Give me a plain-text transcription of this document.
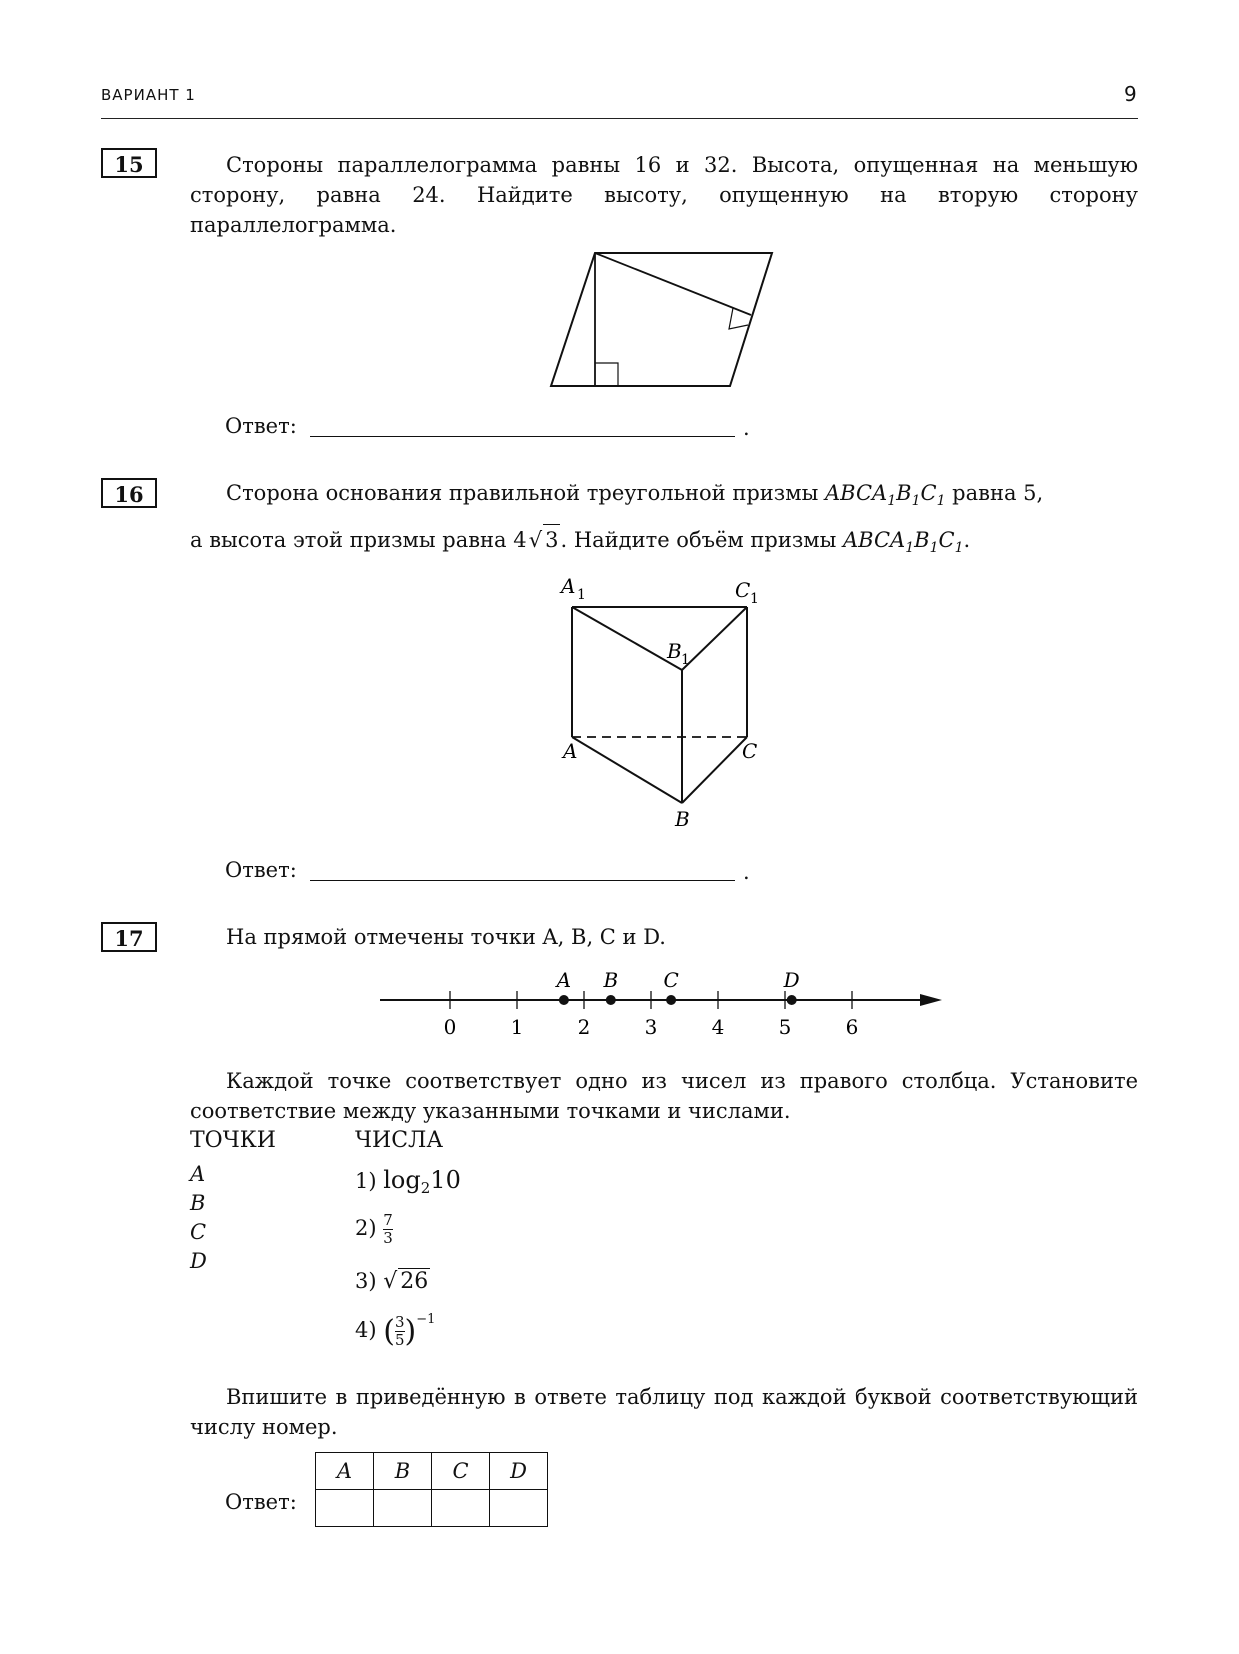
ВАРИАНТ 1	9
15	Стороны параллелограмма равны 16 и 32. Высота, опущенная на меньшую сторону, равна 24. Найдите высоту, опущенную на вторую сторону параллелограмма.
Ответ:	.
16	Сторона основания правильной треугольной призмы $ABCA_1B_1C_1$ равна 5,
а высота этой призмы равна 4 √ 3. Найдите объём призмы $ABCA_1B_1C_1$.
A 1	C 1
B 1
A	C
B
Ответ:	.
17	На прямой отмечены точки A, B, C и D.
0	1	2	3	4	5	6
A B C	D
Каждой точке соответствует одно из чисел из правого столбца. Установите соответствие между указанными точками и числами.
ТОЧКИ	ЧИСЛА
A
B
C
D
1) $\log_210$
$2) \frac{7}{3}$
3) √ 26
4) ( $\frac{3}{5} )^{-1}$
Впишите в приведённую в ответе таблицу под каждой буквой соответствующий числу номер.
Ответ:
A	B	C	D
